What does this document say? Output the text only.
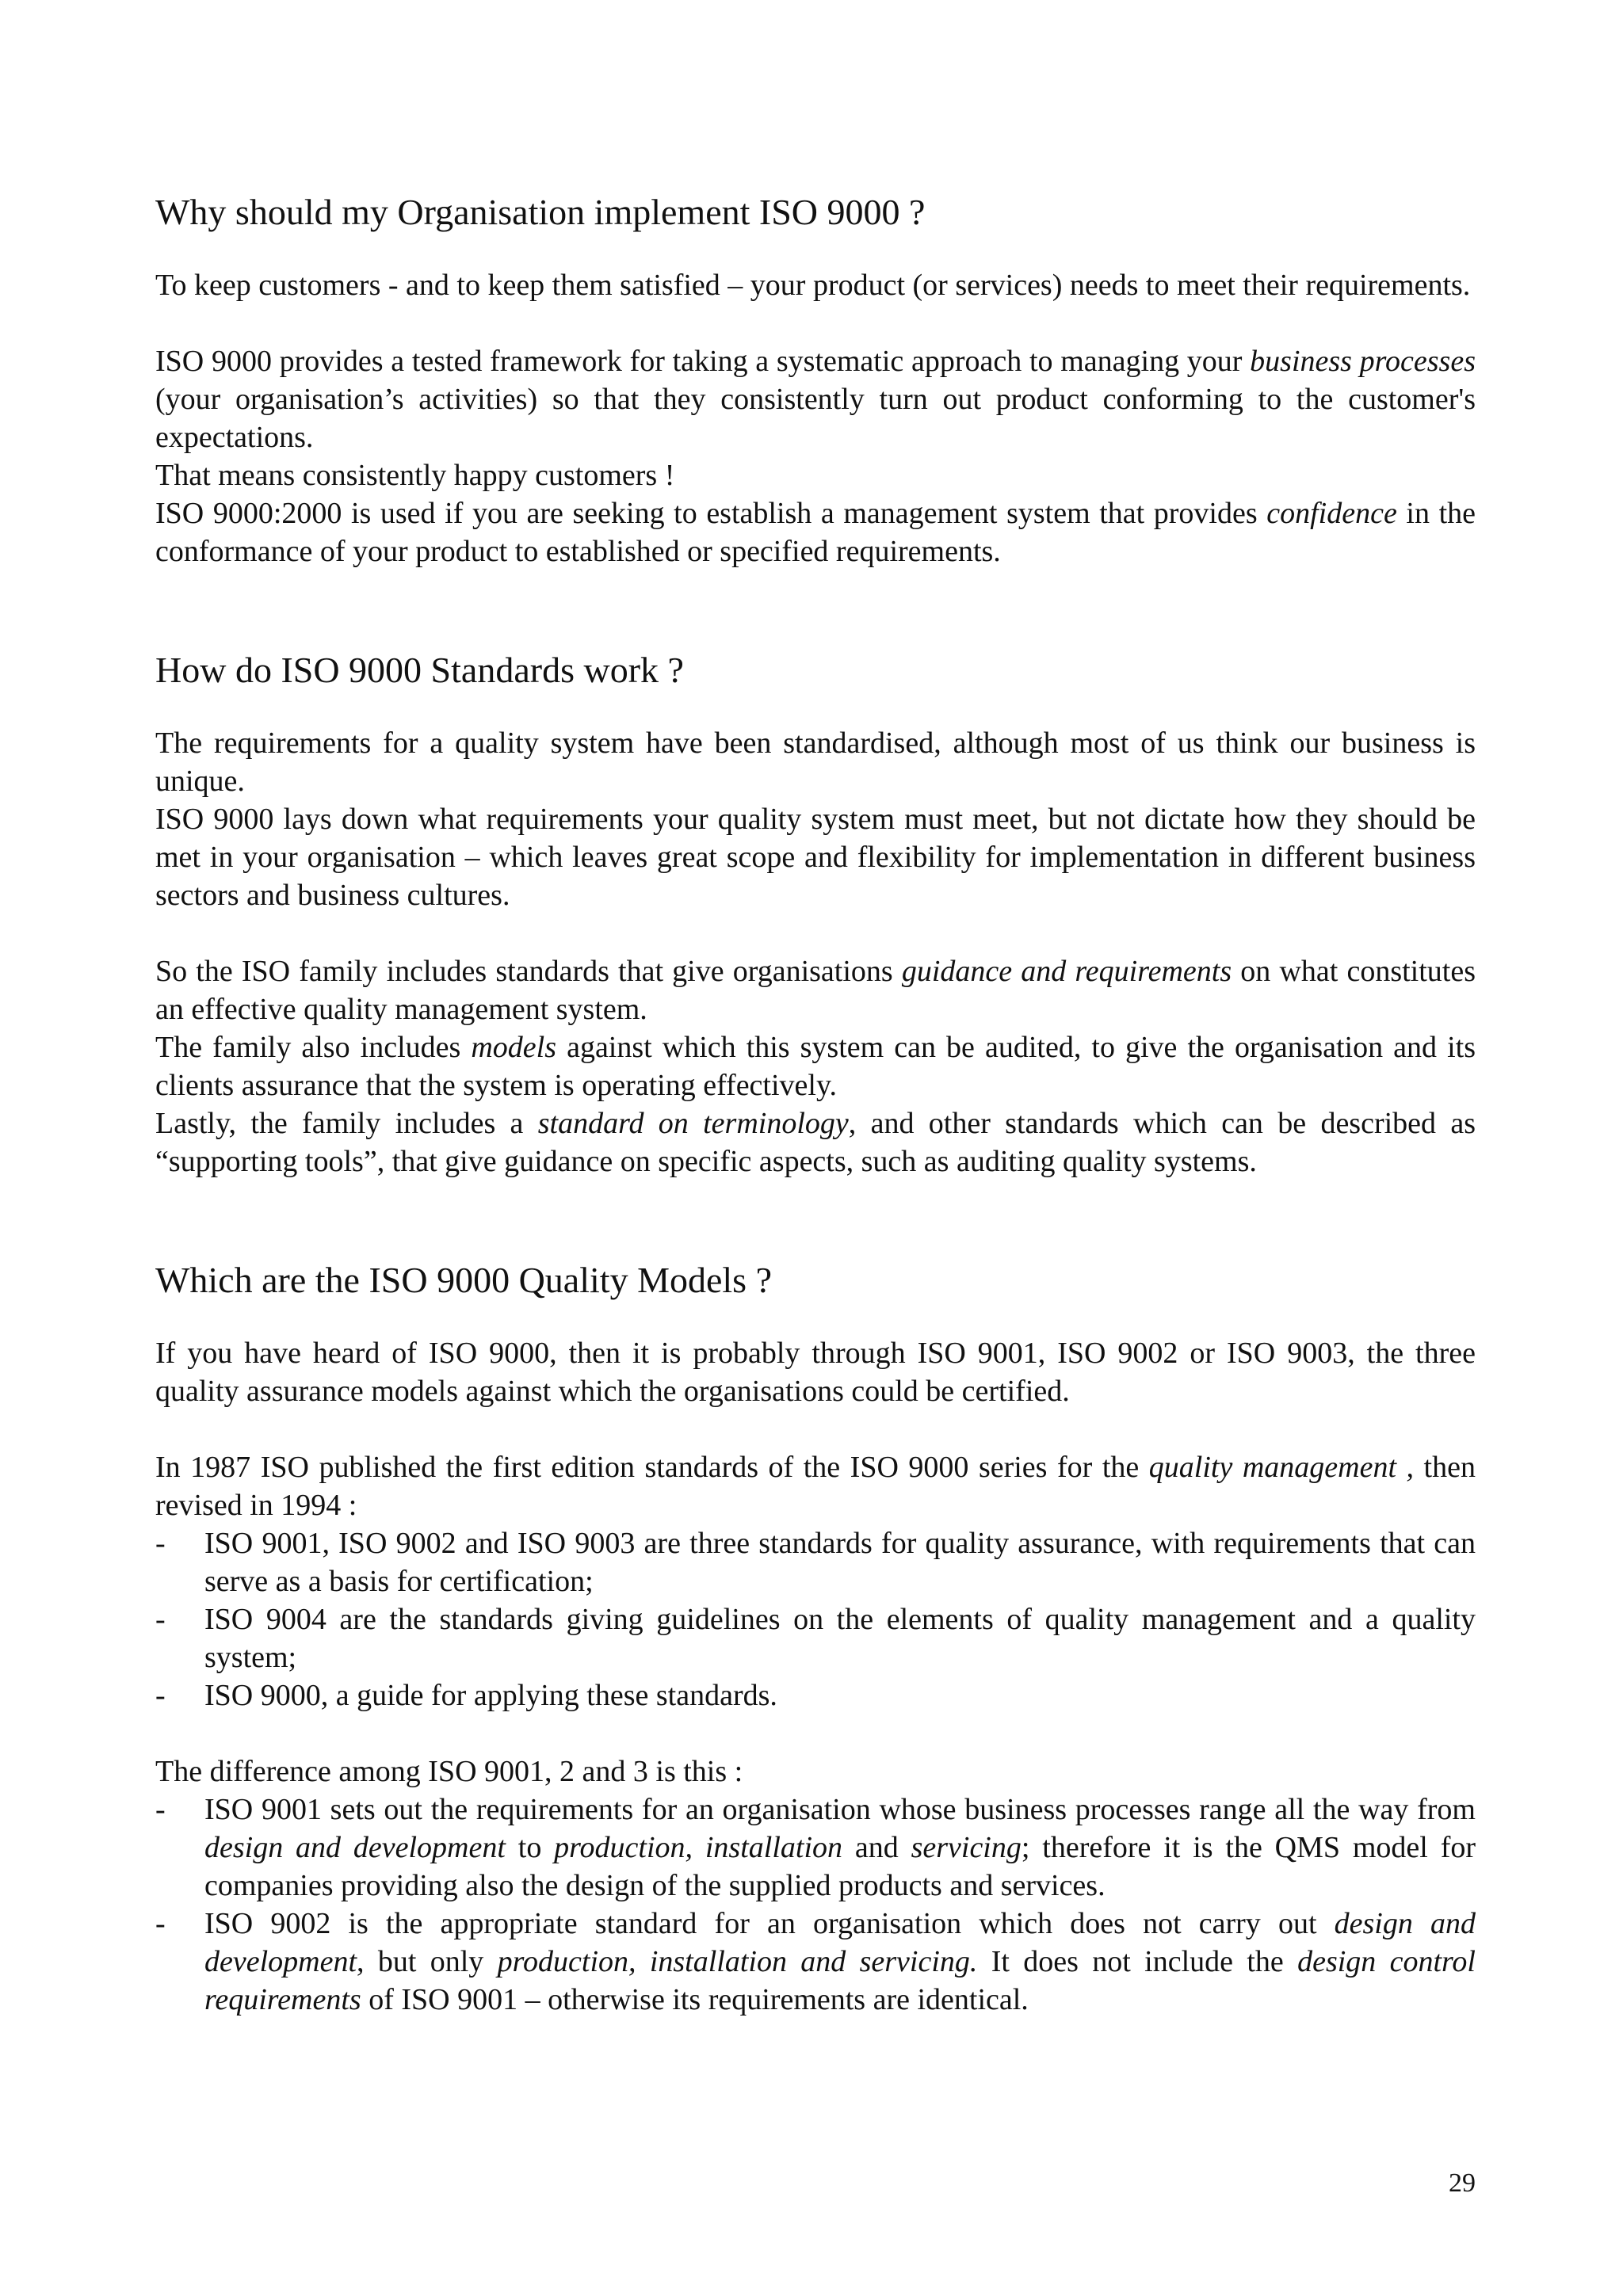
Why should my Organisation implement ISO 9000 ?

To keep customers - and to keep them satisfied – your product (or services) needs to meet their requirements.

ISO 9000 provides a tested framework for taking a systematic approach to managing your business processes (your organisation’s activities) so that they consistently turn out product conforming to the customer's expectations.

That means consistently happy customers !

ISO 9000:2000 is used if you are seeking to establish a management system that provides confidence in the conformance of your product to established or specified requirements.

How do ISO 9000 Standards work ?

The requirements for a quality system have been standardised, although most of us think our business is unique.

ISO 9000 lays down what requirements your quality system must meet, but not dictate how they should be met in your organisation – which leaves great scope and flexibility for implementation in different business sectors and business cultures.

So the ISO family includes standards that give organisations guidance and requirements on what constitutes an effective quality management system.

The family also includes models against which this system can be audited, to give the organisation and its clients assurance that the system is operating effectively.

Lastly, the family includes a standard on terminology, and other standards which can be described as “supporting tools”, that give guidance on specific aspects, such as auditing quality systems.

Which are the ISO 9000 Quality Models ?

If you have heard of ISO 9000, then it is probably through ISO 9001, ISO 9002 or ISO 9003, the three quality assurance models against which the organisations could be certified.

In 1987 ISO published the first edition standards of the ISO 9000 series for the quality management , then revised in 1994 :

- ISO 9001, ISO 9002 and ISO 9003 are three standards for quality assurance, with requirements that can serve as a basis for certification;
- ISO 9004 are the standards giving guidelines on the elements of quality management and a quality system;
- ISO 9000, a guide for applying these standards.

The difference among ISO 9001, 2 and 3 is this :

- ISO 9001 sets out the requirements for an organisation whose business processes range all the way from design and development to production, installation and servicing; therefore it is the QMS model for companies providing also the design of the supplied products and services.
- ISO 9002 is the appropriate standard for an organisation which does not carry out design and development, but only production, installation and servicing. It does not include the design control requirements of ISO 9001 – otherwise its requirements are identical.
29
